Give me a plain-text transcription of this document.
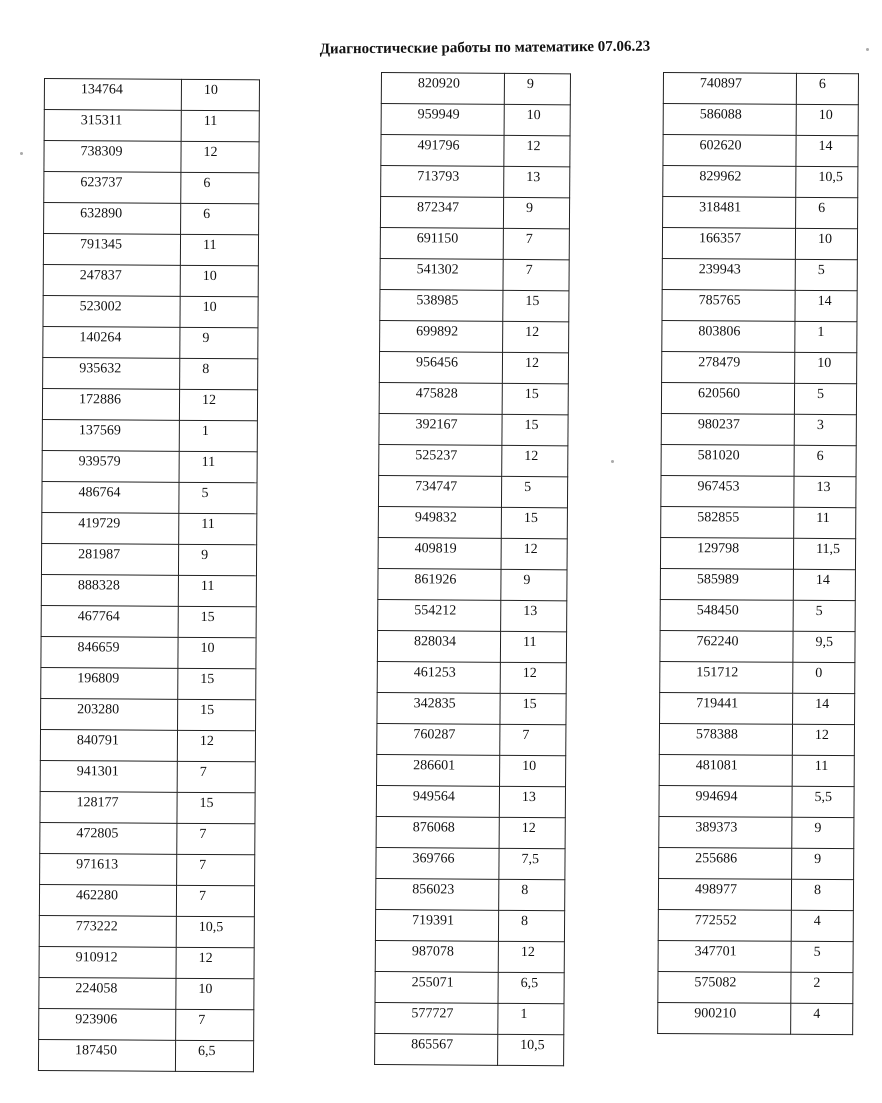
Диагностические работы по математике 07.06.23
134764	10
315311	11
738309	12
623737	6
632890	6
791345	11
247837	10
523002	10
140264	9
935632	8
172886	12
137569	1
939579	11
486764	5
419729	11
281987	9
888328	11
467764	15
846659	10
196809	15
203280	15
840791	12
941301	7
128177	15
472805	7
971613	7
462280	7
773222	10,5
910912	12
224058	10
923906	7
187450	6,5
820920	9
959949	10
491796	12
713793	13
872347	9
691150	7
541302	7
538985	15
699892	12
956456	12
475828	15
392167	15
525237	12
734747	5
949832	15
409819	12
861926	9
554212	13
828034	11
461253	12
342835	15
760287	7
286601	10
949564	13
876068	12
369766	7,5
856023	8
719391	8
987078	12
255071	6,5
577727	1
865567	10,5
740897	6
586088	10
602620	14
829962	10,5
318481	6
166357	10
239943	5
785765	14
803806	1
278479	10
620560	5
980237	3
581020	6
967453	13
582855	11
129798	11,5
585989	14
548450	5
762240	9,5
151712	0
719441	14
578388	12
481081	11
994694	5,5
389373	9
255686	9
498977	8
772552	4
347701	5
575082	2
900210	4
